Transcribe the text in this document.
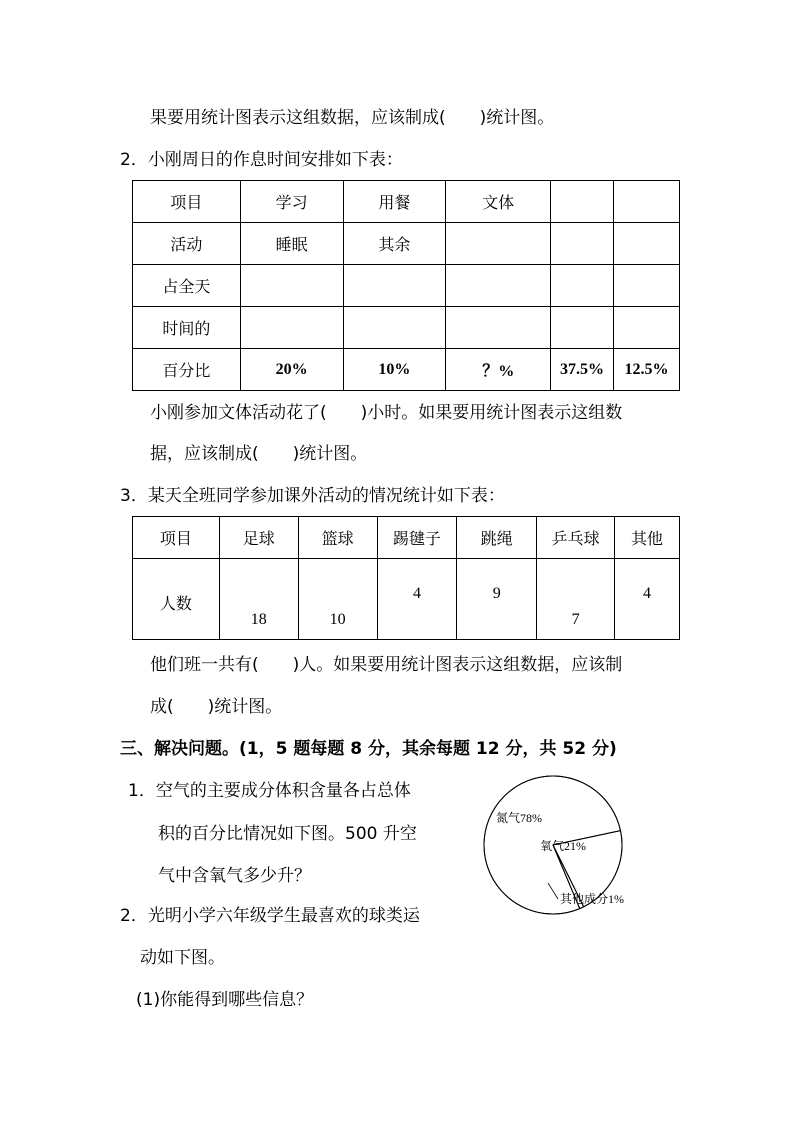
果要用统计图表示这组数据，应该制成(　　)统计图。
2．小刚周日的作息时间安排如下表：
项目	学习	用餐	文体		
活动	睡眠	其余			
占全天					
时间的					
百分比	20%	10%	？%	37.5%	12.5%
小刚参加文体活动花了(　　)小时。如果要用统计图表示这组数
据，应该制成(　　)统计图。
3．某天全班同学参加课外活动的情况统计如下表：
项目	足球	篮球	踢毽子	跳绳	乒乓球	其他

人数	18	10	4	9	7	4
他们班一共有(　　)人。如果要用统计图表示这组数据，应该制
成(　　)统计图。
三、解决问题。(1，5 题每题 8 分，其余每题 12 分，共 52 分)
1．空气的主要成分体积含量各占总体
积的百分比情况如下图。500 升空
气中含氧气多少升？
氮气78%
氧气21%
其他成分1%
2．光明小学六年级学生最喜欢的球类运
动如下图。
(1)你能得到哪些信息？
